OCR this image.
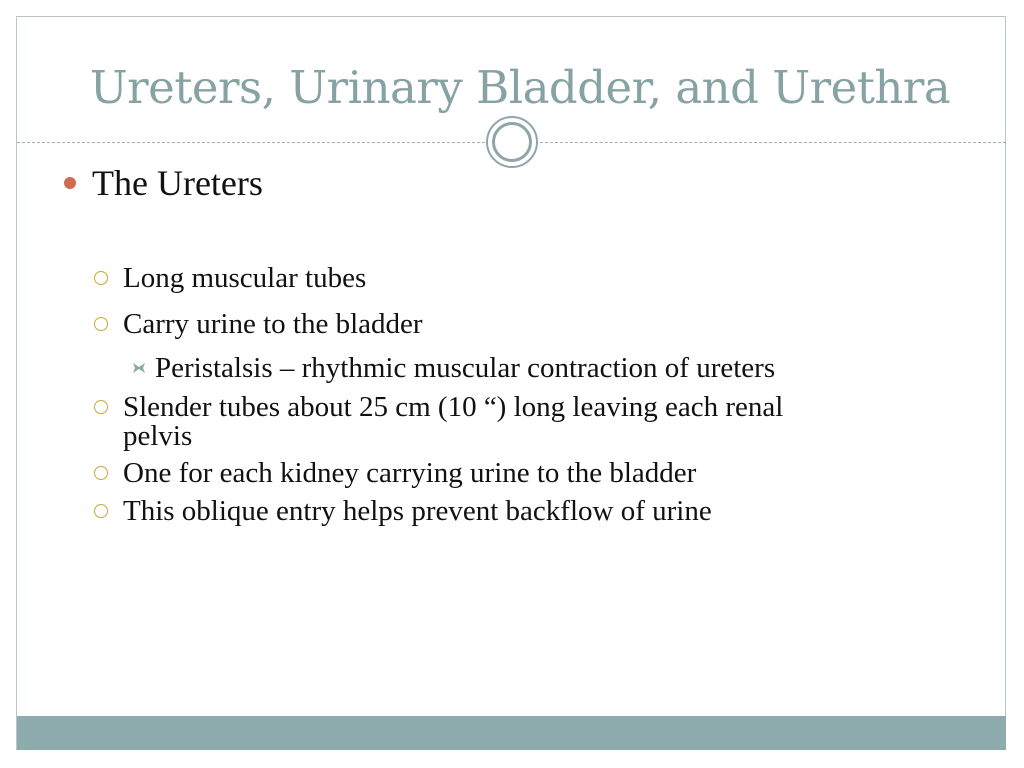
Ureters, Urinary Bladder, and Urethra
The Ureters
Long muscular tubes
Carry urine to the bladder
Peristalsis – rhythmic muscular contraction of ureters
Slender tubes about 25 cm (10 “) long leaving each renal
pelvis
One for each kidney carrying urine to the bladder
This oblique entry helps prevent backflow of urine
